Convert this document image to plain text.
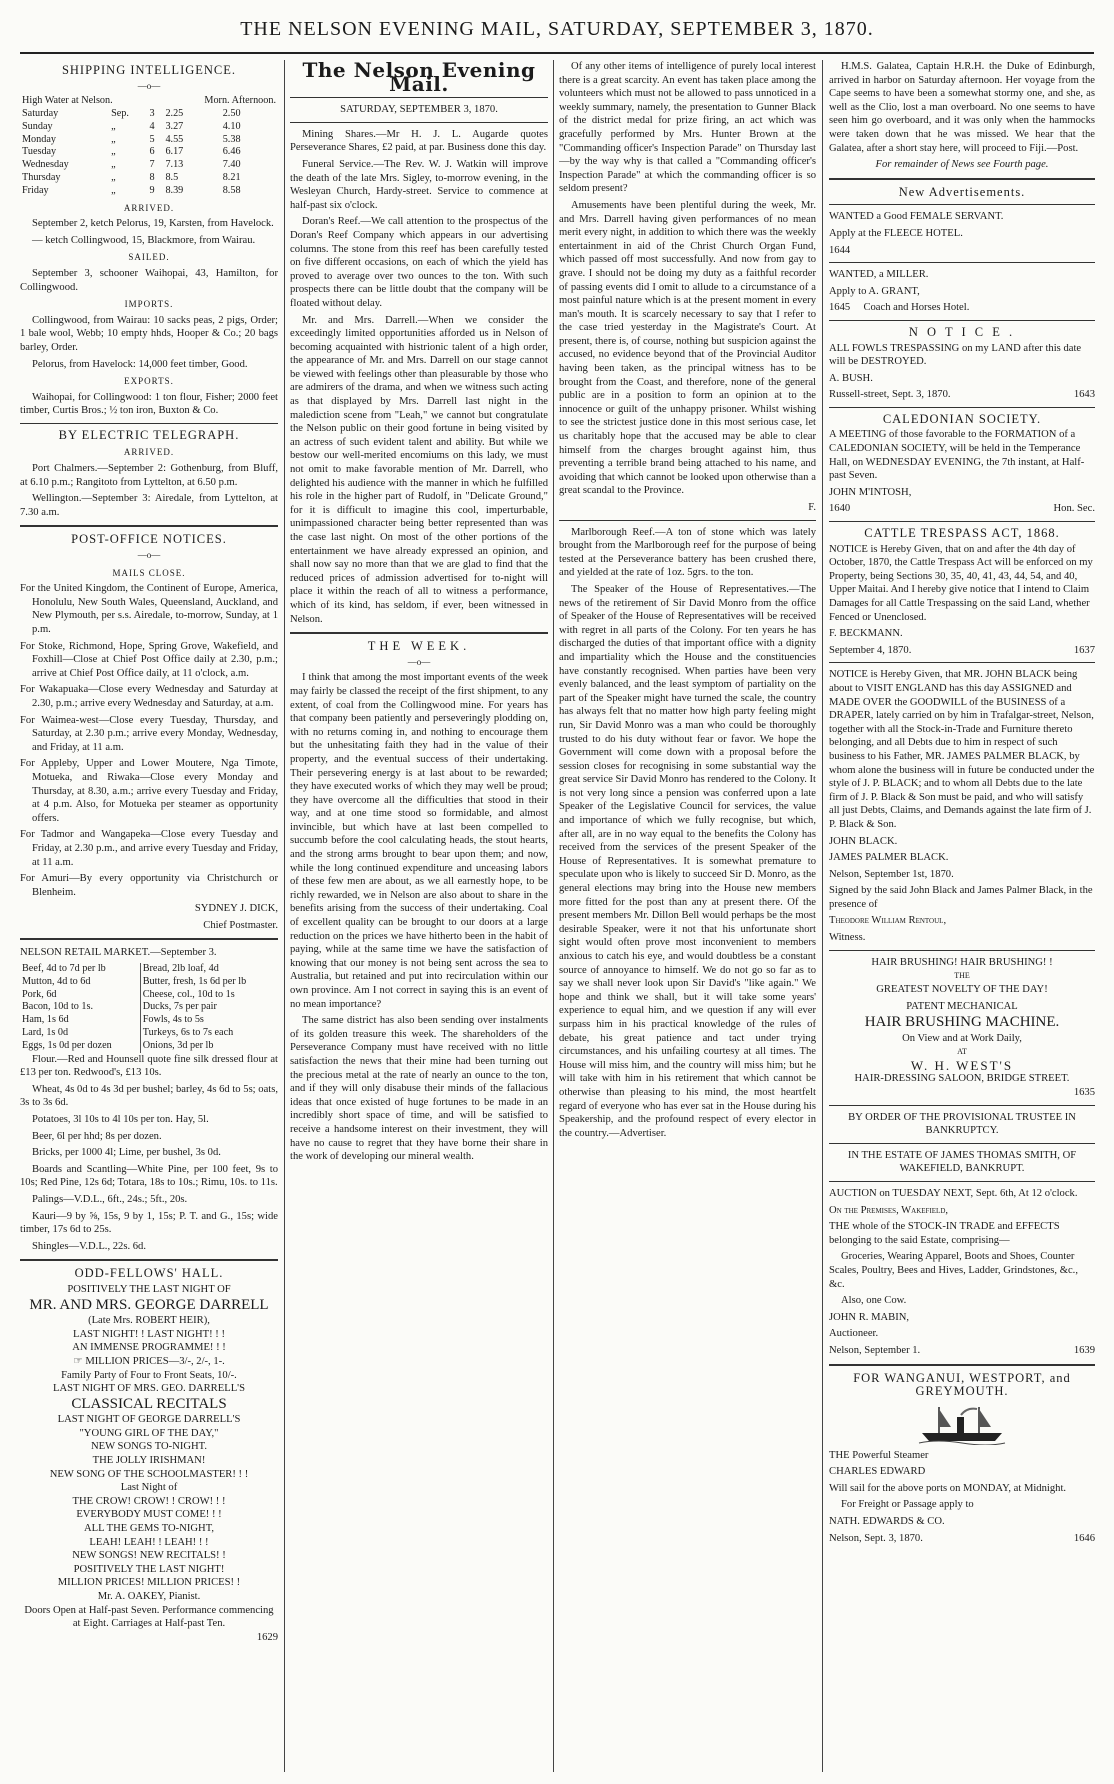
THE NELSON EVENING MAIL, SATURDAY, SEPTEMBER 3, 1870.
SHIPPING INTELLIGENCE.
—o—
High Water at Nelson.			Morn. Afternoon.	
Saturday	Sep.	3	2.25	2.50
Sunday	„	4	3.27	4.10
Monday	„	5	4.55	5.38
Tuesday	„	6	6.17	6.46
Wednesday	„	7	7.13	7.40
Thursday	„	8	8.5	8.21
Friday	„	9	8.39	8.58
ARRIVED.

September 2, ketch Pelorus, 19, Karsten, from Havelock.

— ketch Collingwood, 15, Blackmore, from Wairau.

SAILED.

September 3, schooner Waihopai, 43, Hamilton, for Collingwood.

IMPORTS.

Collingwood, from Wairau: 10 sacks peas, 2 pigs, Order; 1 bale wool, Webb; 10 empty hhds, Hooper & Co.; 20 bags barley, Order.

Pelorus, from Havelock: 14,000 feet timber, Good.

EXPORTS.

Waihopai, for Collingwood: 1 ton flour, Fisher; 2000 feet timber, Curtis Bros.; ½ ton iron, Buxton & Co.

BY ELECTRIC TELEGRAPH.
ARRIVED.

Port Chalmers.—September 2: Gothenburg, from Bluff, at 6.10 p.m.; Rangitoto from Lyttelton, at 6.50 p.m.

Wellington.—September 3: Airedale, from Lyttelton, at 7.30 a.m.

POST-OFFICE NOTICES.
—o—
MAILS CLOSE.

For the United Kingdom, the Continent of Europe, America, Honolulu, New South Wales, Queensland, Auckland, and New Plymouth, per s.s. Airedale, to-morrow, Sunday, at 1 p.m.

For Stoke, Richmond, Hope, Spring Grove, Wakefield, and Foxhill—Close at Chief Post Office daily at 2.30, p.m.; arrive at Chief Post Office daily, at 11 o'clock, a.m.

For Wakapuaka—Close every Wednesday and Saturday at 2.30, p.m.; arrive every Wednesday and Saturday, at a.m.

For Waimea-west—Close every Tuesday, Thursday, and Saturday, at 2.30 p.m.; arrive every Monday, Wednesday, and Friday, at 11 a.m.

For Appleby, Upper and Lower Moutere, Nga Timote, Motueka, and Riwaka—Close every Monday and Thursday, at 8.30, a.m.; arrive every Tuesday and Friday, at 4 p.m. Also, for Motueka per steamer as opportunity offers.

For Tadmor and Wangapeka—Close every Tuesday and Friday, at 2.30 p.m., and arrive every Tuesday and Friday, at 11 a.m.

For Amuri—By every opportunity via Christchurch or Blenheim.

SYDNEY J. DICK,

Chief Postmaster.

NELSON RETAIL MARKET.—September 3.

Beef, 4d to 7d per lb	Bread, 2lb loaf, 4d
Mutton, 4d to 6d	Butter, fresh, 1s 6d per lb
Pork, 6d	Cheese, col., 10d to 1s
Bacon, 10d to 1s.	Ducks, 7s per pair
Ham, 1s 6d	Fowls, 4s to 5s
Lard, 1s 0d	Turkeys, 6s to 7s each
Eggs, 1s 0d per dozen	Onions, 3d per lb

Flour.—Red and Hounsell quote fine silk dressed flour at £13 per ton. Redwood's, £13 10s.

Wheat, 4s 0d to 4s 3d per bushel; barley, 4s 6d to 5s; oats, 3s to 3s 6d.

Potatoes, 3l 10s to 4l 10s per ton. Hay, 5l.

Beer, 6l per hhd; 8s per dozen.

Bricks, per 1000 4l; Lime, per bushel, 3s 0d.

Boards and Scantling—White Pine, per 100 feet, 9s to 10s; Red Pine, 12s 6d; Totara, 18s to 10s.; Rimu, 10s. to 11s.

Palings—V.D.L., 6ft., 24s.; 5ft., 20s.

Kauri—9 by ⅝, 15s, 9 by 1, 15s; P. T. and G., 15s; wide timber, 17s 6d to 25s.

Shingles—V.D.L., 22s. 6d.

ODD-FELLOWS' HALL.
POSITIVELY THE LAST NIGHT OF
MR. AND MRS. GEORGE DARRELL
(Late Mrs. ROBERT HEIR),
LAST NIGHT! ! LAST NIGHT! ! !
AN IMMENSE PROGRAMME! ! !
☞ MILLION PRICES—3/-, 2/-, 1-.
Family Party of Four to Front Seats, 10/-.
LAST NIGHT OF MRS. GEO. DARRELL'S
CLASSICAL RECITALS
LAST NIGHT OF GEORGE DARRELL'S
"YOUNG GIRL OF THE DAY,"
NEW SONGS TO-NIGHT.
THE JOLLY IRISHMAN!
NEW SONG OF THE SCHOOLMASTER! ! !
Last Night of
THE CROW! CROW! ! CROW! ! !
EVERYBODY MUST COME! ! !
ALL THE GEMS TO-NIGHT,
LEAH! LEAH! ! LEAH! ! !
NEW SONGS! NEW RECITALS! !
POSITIVELY THE LAST NIGHT!
MILLION PRICES! MILLION PRICES! !
Mr. A. OAKEY, Pianist.
Doors Open at Half-past Seven. Performance commencing at Eight. Carriages at Half-past Ten.
1629
The Nelson Evening Mail.
SATURDAY, SEPTEMBER 3, 1870.

Mining Shares.—Mr H. J. L. Augarde quotes Perseverance Shares, £2 paid, at par. Business done this day.

Funeral Service.—The Rev. W. J. Watkin will improve the death of the late Mrs. Sigley, to-morrow evening, in the Wesleyan Church, Hardy-street. Service to commence at half-past six o'clock.

Doran's Reef.—We call attention to the prospectus of the Doran's Reef Company which appears in our advertising columns. The stone from this reef has been carefully tested on five different occasions, on each of which the yield has proved to average over two ounces to the ton. With such prospects there can be little doubt that the company will be floated without delay.

Mr. and Mrs. Darrell.—When we consider the exceedingly limited opportunities afforded us in Nelson of becoming acquainted with histrionic talent of a high order, the appearance of Mr. and Mrs. Darrell on our stage cannot be viewed with feelings other than pleasurable by those who are admirers of the drama, and when we witness such acting as that displayed by Mrs. Darrell last night in the malediction scene from "Leah," we cannot but congratulate the Nelson public on their good fortune in being visited by an actress of such evident talent and ability. But while we bestow our well-merited encomiums on this lady, we must not omit to make favorable mention of Mr. Darrell, who delighted his audience with the manner in which he fulfilled his role in the higher part of Rudolf, in "Delicate Ground," for it is difficult to imagine this cool, imperturbable, unimpassioned character being better represented than was the case last night. On most of the other portions of the entertainment we have already expressed an opinion, and shall now say no more than that we are glad to find that the reduced prices of admission advertised for to-night will place it within the reach of all to witness a performance, which of its kind, has seldom, if ever, been witnessed in Nelson.

THE WEEK.
—o—

I think that among the most important events of the week may fairly be classed the receipt of the first shipment, to any extent, of coal from the Collingwood mine. For years has that company been patiently and perseveringly plodding on, with no returns coming in, and nothing to encourage them but the unhesitating faith they had in the value of their property, and the eventual success of their undertaking. Their persevering energy is at last about to be rewarded; they have executed works of which they may well be proud; they have overcome all the difficulties that stood in their way, and at one time stood so formidable, and almost invincible, but which have at last been compelled to succumb before the cool calculating heads, the stout hearts, and the strong arms brought to bear upon them; and now, while the long continued expenditure and unceasing labors of these few men are about, as we all earnestly hope, to be richly rewarded, we in Nelson are also about to share in the benefits arising from the success of their undertaking. Coal of excellent quality can be brought to our doors at a large reduction on the prices we have hitherto been in the habit of paying, while at the same time we have the satisfaction of knowing that our money is not being sent across the sea to Australia, but retained and put into recirculation within our own province. Am I not correct in saying this is an event of no mean importance?

The same district has also been sending over instalments of its golden treasure this week. The shareholders of the Perseverance Company must have received with no little satisfaction the news that their mine had been turning out the precious metal at the rate of nearly an ounce to the ton, and if they will only disabuse their minds of the fallacious ideas that once existed of huge fortunes to be made in an incredibly short space of time, and will be satisfied to receive a handsome interest on their investment, they will have no cause to regret that they have borne their share in the work of developing our mineral wealth.

Of any other items of intelligence of purely local interest there is a great scarcity. An event has taken place among the volunteers which must not be allowed to pass unnoticed in a weekly summary, namely, the presentation to Gunner Black of the district medal for prize firing, an act which was gracefully performed by Mrs. Hunter Brown at the "Commanding officer's Inspection Parade" on Thursday last—by the way why is that called a "Commanding officer's Inspection Parade" at which the commanding officer is so seldom present?

Amusements have been plentiful during the week, Mr. and Mrs. Darrell having given performances of no mean merit every night, in addition to which there was the weekly entertainment in aid of the Christ Church Organ Fund, which passed off most successfully. And now from gay to grave. I should not be doing my duty as a faithful recorder of passing events did I omit to allude to a circumstance of a most painful nature which is at the present moment in every man's mouth. It is scarcely necessary to say that I refer to the case tried yesterday in the Magistrate's Court. At present, there is, of course, nothing but suspicion against the accused, no evidence beyond that of the Provincial Auditor having been taken, as the principal witness has to be brought from the Coast, and therefore, none of the general public are in a position to form an opinion at to the innocence or guilt of the unhappy prisoner. Whilst wishing to see the strictest justice done in this most serious case, let us charitably hope that the accused may be able to clear himself from the charges brought against him, thus preventing a terrible brand being attached to his name, and avoiding that which cannot be looked upon otherwise than a great scandal to the Province.

F.

Marlborough Reef.—A ton of stone which was lately brought from the Marlborough reef for the purpose of being tested at the Perseverance battery has been crushed there, and yielded at the rate of 1oz. 5grs. to the ton.

The Speaker of the House of Representatives.—The news of the retirement of Sir David Monro from the office of Speaker of the House of Representatives will be received with regret in all parts of the Colony. For ten years he has discharged the duties of that important office with a dignity and impartiality which the House and the constituencies have constantly recognised. When parties have been very evenly balanced, and the least symptom of partiality on the part of the Speaker might have turned the scale, the country has always felt that no matter how high party feeling might run, Sir David Monro was a man who could be thoroughly trusted to do his duty without fear or favor. We hope the Government will come down with a proposal before the session closes for recognising in some substantial way the great service Sir David Monro has rendered to the Colony. It is not very long since a pension was conferred upon a late Speaker of the Legislative Council for services, the value and importance of which we fully recognise, but which, after all, are in no way equal to the benefits the Colony has received from the services of the present Speaker of the House of Representatives. It is somewhat premature to speculate upon who is likely to succeed Sir D. Monro, as the general elections may bring into the House new members more fitted for the post than any at present there. Of the present members Mr. Dillon Bell would perhaps be the most desirable Speaker, were it not that his unfortunate short sight would often prove most inconvenient to members anxious to catch his eye, and would doubtless be a constant source of annoyance to himself. We do not go so far as to say we shall never look upon Sir David's "like again." We hope and think we shall, but it will take some years' experience to equal him, and we question if any will ever surpass him in his practical knowledge of the rules of debate, his great patience and tact under trying circumstances, and his unfailing courtesy at all times. The House will miss him, and the country will miss him; but he will take with him in his retirement that which cannot be otherwise than pleasing to his mind, the most heartfelt regard of everyone who has ever sat in the House during his Speakership, and the profound respect of every elector in the country.—Advertiser.

H.M.S. Galatea, Captain H.R.H. the Duke of Edinburgh, arrived in harbor on Saturday afternoon. Her voyage from the Cape seems to have been a somewhat stormy one, and she, as well as the Clio, lost a man overboard. No one seems to have seen him go overboard, and it was only when the hammocks were taken down that he was missed. We hear that the Galatea, after a short stay here, will proceed to Fiji.—Post.

For remainder of News see Fourth page.

New Advertisements.

WANTED a Good FEMALE SERVANT.

Apply at the FLEECE HOTEL.

1644

WANTED, a MILLER.

Apply to A. GRANT,

1645 Coach and Horses Hotel.

N O T I C E .

ALL FOWLS TRESPASSING on my LAND after this date will be DESTROYED.

A. BUSH.

Russell-street, Sept. 3, 1870.	1643

CALEDONIAN SOCIETY.

A MEETING of those favorable to the FORMATION of a CALEDONIAN SOCIETY, will be held in the Temperance Hall, on WEDNESDAY EVENING, the 7th instant, at Half-past Seven.

JOHN M'INTOSH,

1640	Hon. Sec.

CATTLE TRESPASS ACT, 1868.

NOTICE is Hereby Given, that on and after the 4th day of October, 1870, the Cattle Trespass Act will be enforced on my Property, being Sections 30, 35, 40, 41, 43, 44, 54, and 40, Upper Maitai. And I hereby give notice that I intend to Claim Damages for all Cattle Trespassing on the said Land, whether Fenced or Unenclosed.

F. BECKMANN.

September 4, 1870.	1637

NOTICE is Hereby Given, that MR. JOHN BLACK being about to VISIT ENGLAND has this day ASSIGNED and MADE OVER the GOODWILL of the BUSINESS of a DRAPER, lately carried on by him in Trafalgar-street, Nelson, together with all the Stock-in-Trade and Furniture thereto belonging, and all Debts due to him in respect of such business to his Father, MR. JAMES PALMER BLACK, by whom alone the business will in future be conducted under the style of J. P. BLACK; and to whom all Debts due to the late firm of J. P. Black & Son must be paid, and who will satisfy all just Debts, Claims, and Demands against the late firm of J. P. Black & Son.

JOHN BLACK.

JAMES PALMER BLACK.

Nelson, September 1st, 1870.

Signed by the said John Black and James Palmer Black, in the presence of

Theodore William Rentoul,

Witness.

HAIR BRUSHING! HAIR BRUSHING! !
THE
GREATEST NOVELTY OF THE DAY!
PATENT MECHANICAL
HAIR BRUSHING MACHINE.
On View and at Work Daily,
AT
W. H. WEST'S
HAIR-DRESSING SALOON, BRIDGE STREET.
1635

BY ORDER OF THE PROVISIONAL TRUSTEE IN BANKRUPTCY.

IN THE ESTATE OF JAMES THOMAS SMITH, OF WAKEFIELD, BANKRUPT.

AUCTION on TUESDAY NEXT, Sept. 6th, At 12 o'clock.

On the Premises, Wakefield,

THE whole of the STOCK-IN TRADE and EFFECTS belonging to the said Estate, comprising—

Groceries, Wearing Apparel, Boots and Shoes, Counter Scales, Poultry, Bees and Hives, Ladder, Grindstones, &c., &c.

Also, one Cow.

JOHN R. MABIN,

Auctioneer.

Nelson, September 1.	1639

FOR WANGANUI, WESTPORT, and GREYMOUTH.

THE Powerful Steamer

CHARLES EDWARD

Will sail for the above ports on MONDAY, at Midnight.

For Freight or Passage apply to

NATH. EDWARDS & CO.

Nelson, Sept. 3, 1870.	1646
